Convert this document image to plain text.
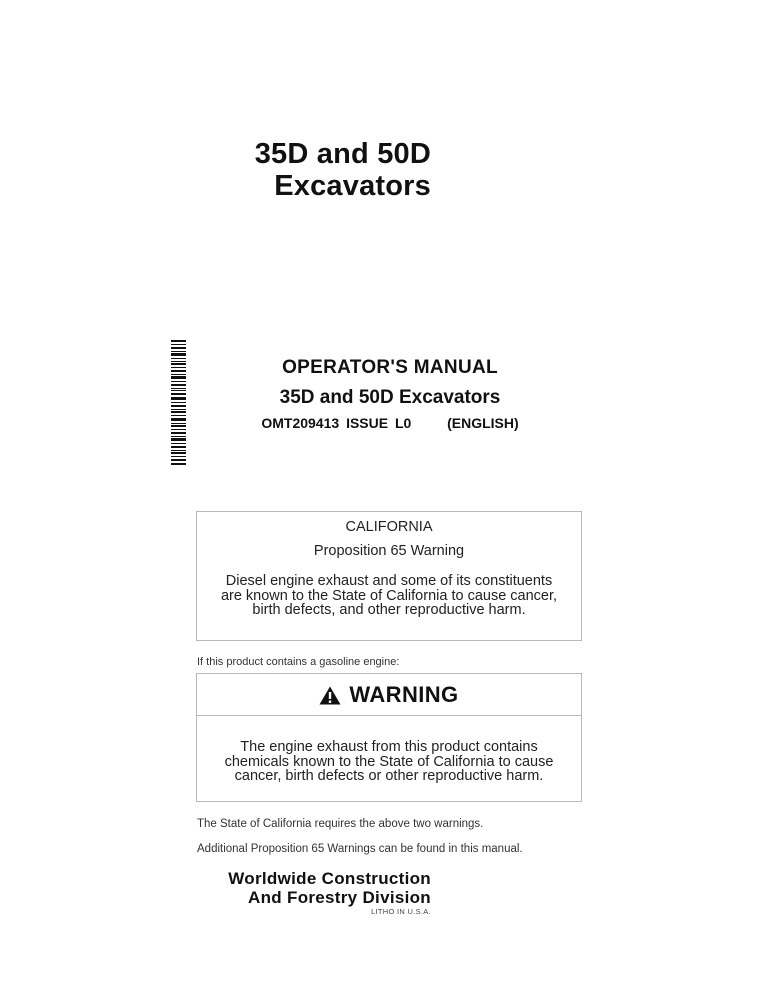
35D and 50D
Excavators
OPERATOR'S MANUAL
35D and 50D Excavators
OMT209413 ISSUE L0	(ENGLISH)
CALIFORNIA
Proposition 65 Warning
Diesel engine exhaust and some of its constituents
are known to the State of California to cause cancer,
birth defects, and other reproductive harm.
If this product contains a gasoline engine:
WARNING
The engine exhaust from this product contains
chemicals known to the State of California to cause
cancer, birth defects or other reproductive harm.
The State of California requires the above two warnings.
Additional Proposition 65 Warnings can be found in this manual.
Worldwide Construction
And Forestry Division
LITHO IN U.S.A.
